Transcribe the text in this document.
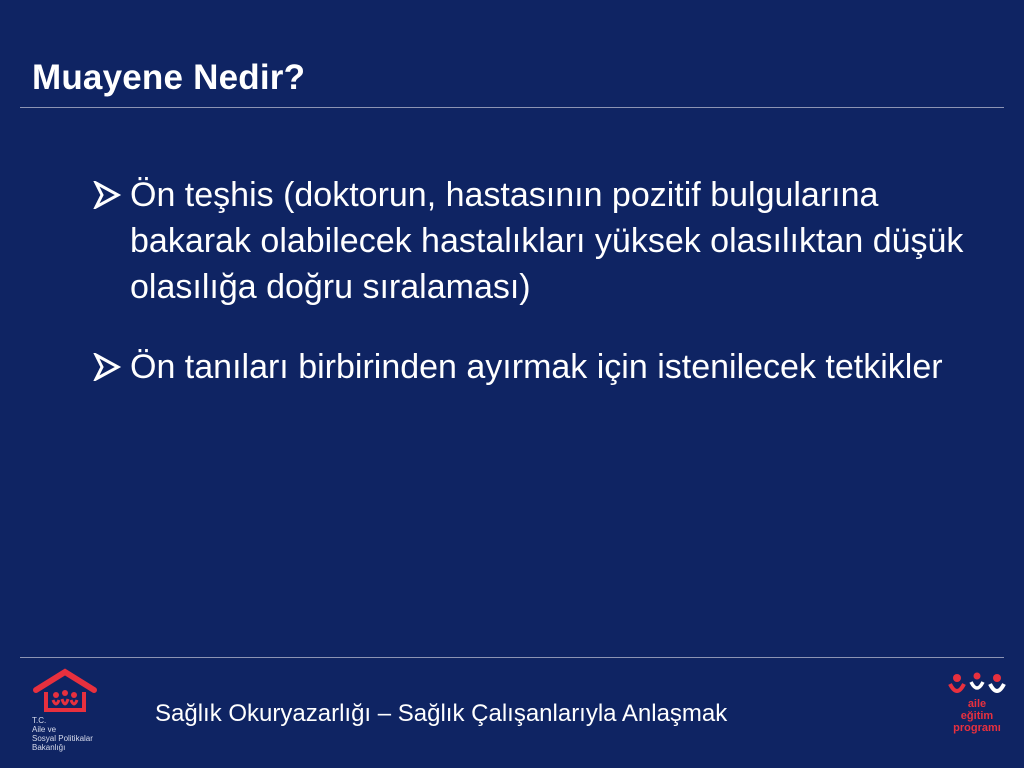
Muayene Nedir?
Ön teşhis (doktorun, hastasının pozitif bulgularına bakarak olabilecek hastalıkları yüksek olasılıktan düşük olasılığa doğru sıralaması)
Ön tanıları birbirinden ayırmak için istenilecek tetkikler
T.C.
Aile ve
Sosyal Politikalar
Bakanlığı
Sağlık Okuryazarlığı – Sağlık Çalışanlarıyla Anlaşmak	aile
eğitim
programı
